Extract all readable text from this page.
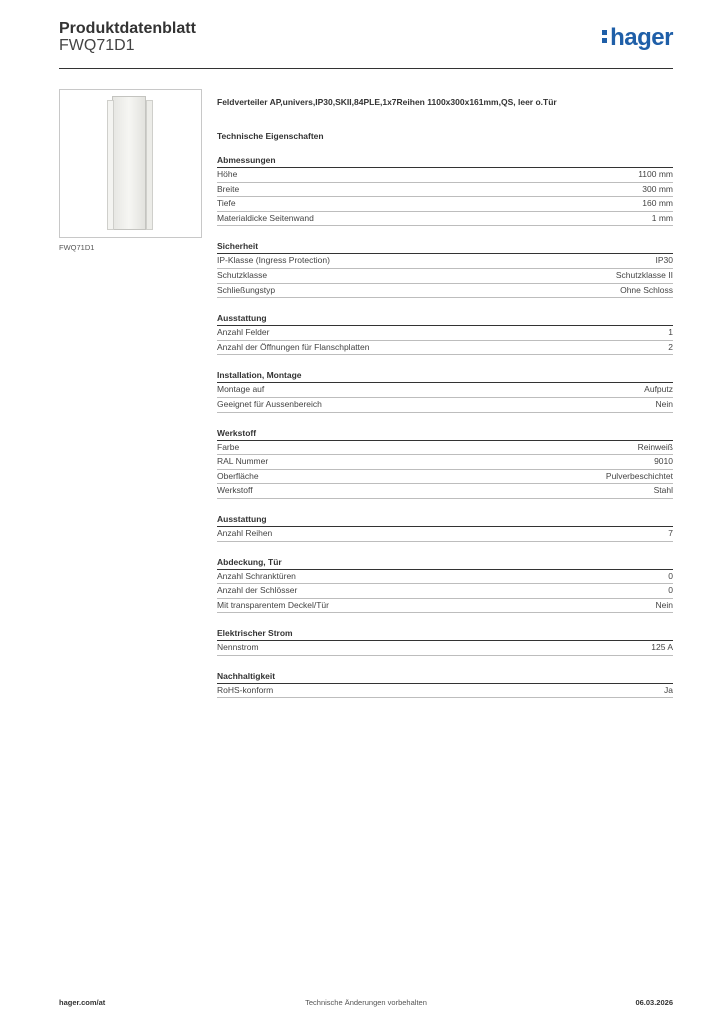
Produktdatenblatt
FWQ71D1	hager
FWQ71D1
Feldverteiler AP,univers,IP30,SKII,84PLE,1x7Reihen 1100x300x161mm,QS, leer o.Tür
Technische Eigenschaften
Abmessungen
Höhe	1100 mm
Breite	300 mm
Tiefe	160 mm
Materialdicke Seitenwand	1 mm
Sicherheit
IP-Klasse (Ingress Protection)	IP30
Schutzklasse	Schutzklasse II
Schließungstyp	Ohne Schloss
Ausstattung
Anzahl Felder	1
Anzahl der Öffnungen für Flanschplatten	2
Installation, Montage
Montage auf	Aufputz
Geeignet für Aussenbereich	Nein
Werkstoff
Farbe	Reinweiß
RAL Nummer	9010
Oberfläche	Pulverbeschichtet
Werkstoff	Stahl
Ausstattung
Anzahl Reihen	7
Abdeckung, Tür
Anzahl Schranktüren	0
Anzahl der Schlösser	0
Mit transparentem Deckel/Tür	Nein
Elektrischer Strom
Nennstrom	125 A
Nachhaltigkeit
RoHS-konform	Ja
Technische Änderungen vorbehalten
hager.com/at	06.03.2026
